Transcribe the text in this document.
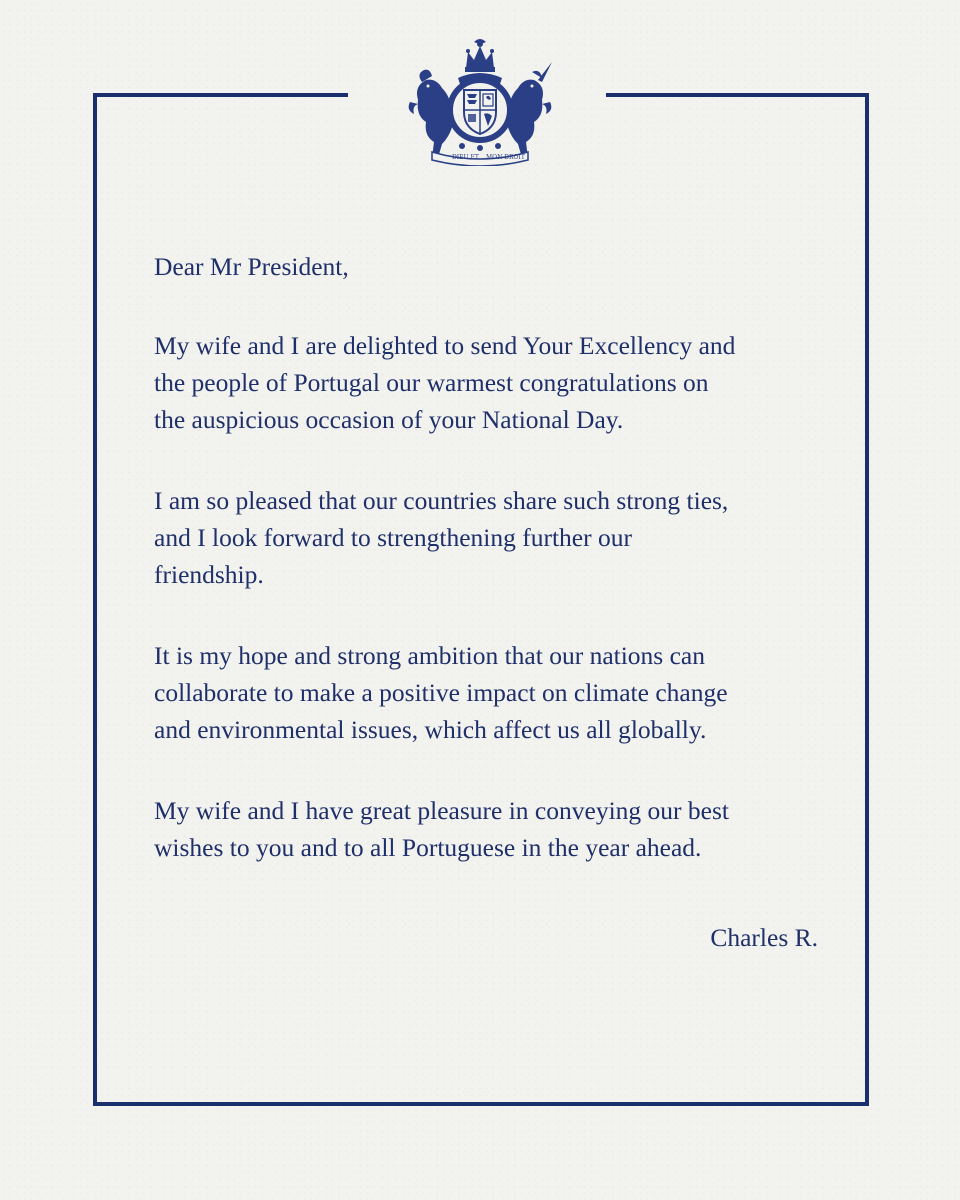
DIEU ET MON DROIT

Dear Mr President,

My wife and I are delighted to send Your Excellency and
the people of Portugal our warmest congratulations on
the auspicious occasion of your National Day.

I am so pleased that our countries share such strong ties,
and I look forward to strengthening further our
friendship.

It is my hope and strong ambition that our nations can
collaborate to make a positive impact on climate change
and environmental issues, which affect us all globally.

My wife and I have great pleasure in conveying our best
wishes to you and to all Portuguese in the year ahead.

Charles R.
